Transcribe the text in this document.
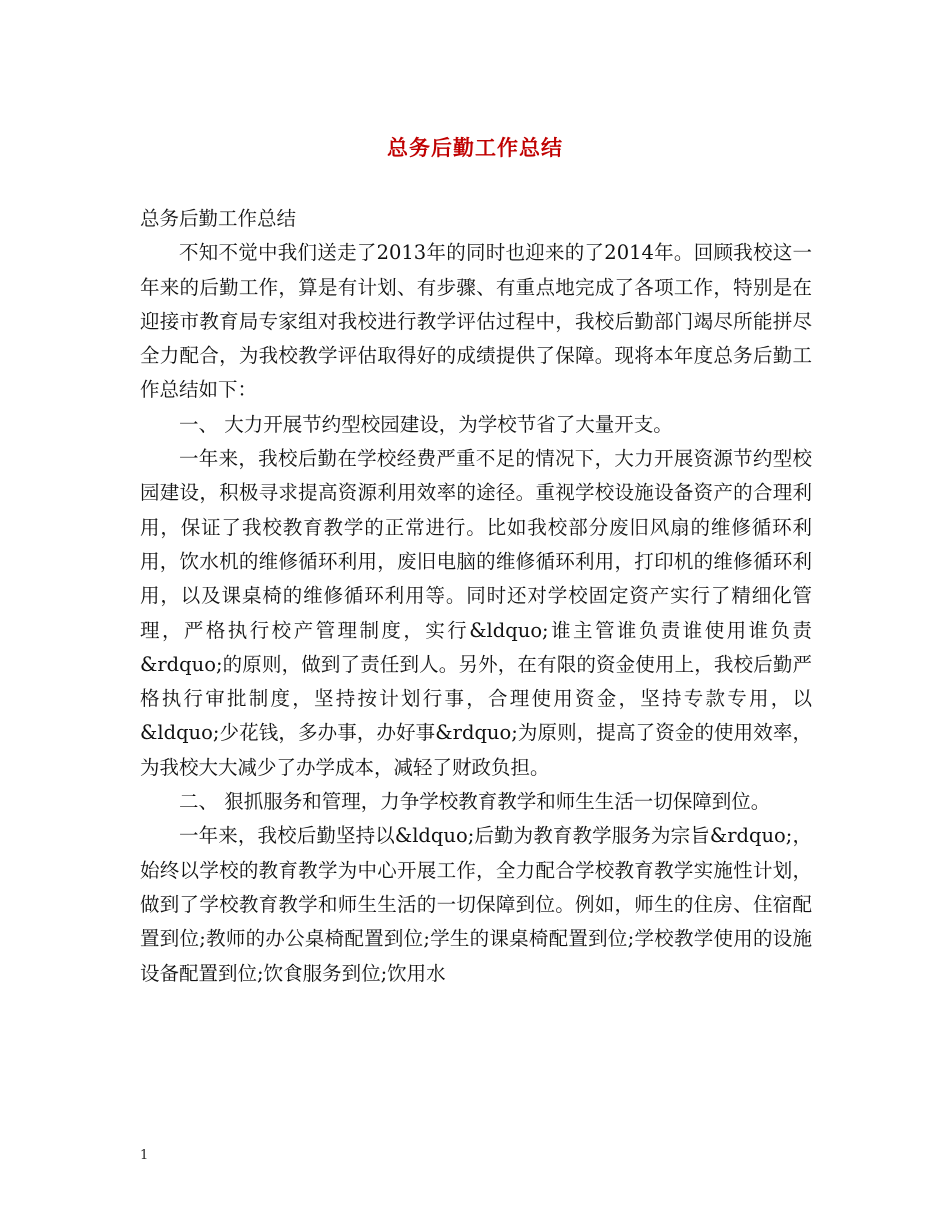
总务后勤工作总结

总务后勤工作总结

不知不觉中我们送走了2013年的同时也迎来的了2014年。回顾我校这一年来的后勤工作，算是有计划、有步骤、有重点地完成了各项工作，特别是在迎接市教育局专家组对我校进行教学评估过程中，我校后勤部门竭尽所能拼尽全力配合，为我校教学评估取得好的成绩提供了保障。现将本年度总务后勤工作总结如下：

一、 大力开展节约型校园建设，为学校节省了大量开支。

一年来，我校后勤在学校经费严重不足的情况下，大力开展资源节约型校园建设，积极寻求提高资源利用效率的途径。重视学校设施设备资产的合理利用，保证了我校教育教学的正常进行。比如我校部分废旧风扇的维修循环利用，饮水机的维修循环利用，废旧电脑的维修循环利用，打印机的维修循环利用，以及课桌椅的维修循环利用等。同时还对学校固定资产实行了精细化管理，严格执行校产管理制度，实行&ldquo;谁主管谁负责谁使用谁负责&rdquo;的原则，做到了责任到人。另外，在有限的资金使用上，我校后勤严格执行审批制度，坚持按计划行事，合理使用资金，坚持专款专用，以&ldquo;少花钱，多办事，办好事&rdquo;为原则，提高了资金的使用效率，为我校大大减少了办学成本，减轻了财政负担。

二、 狠抓服务和管理，力争学校教育教学和师生生活一切保障到位。

一年来，我校后勤坚持以&ldquo;后勤为教育教学服务为宗旨&rdquo;，始终以学校的教育教学为中心开展工作，全力配合学校教育教学实施性计划，做到了学校教育教学和师生生活的一切保障到位。例如，师生的住房、住宿配置到位;教师的办公桌椅配置到位;学生的课桌椅配置到位;学校教学使用的设施设备配置到位;饮食服务到位;饮用水

1
